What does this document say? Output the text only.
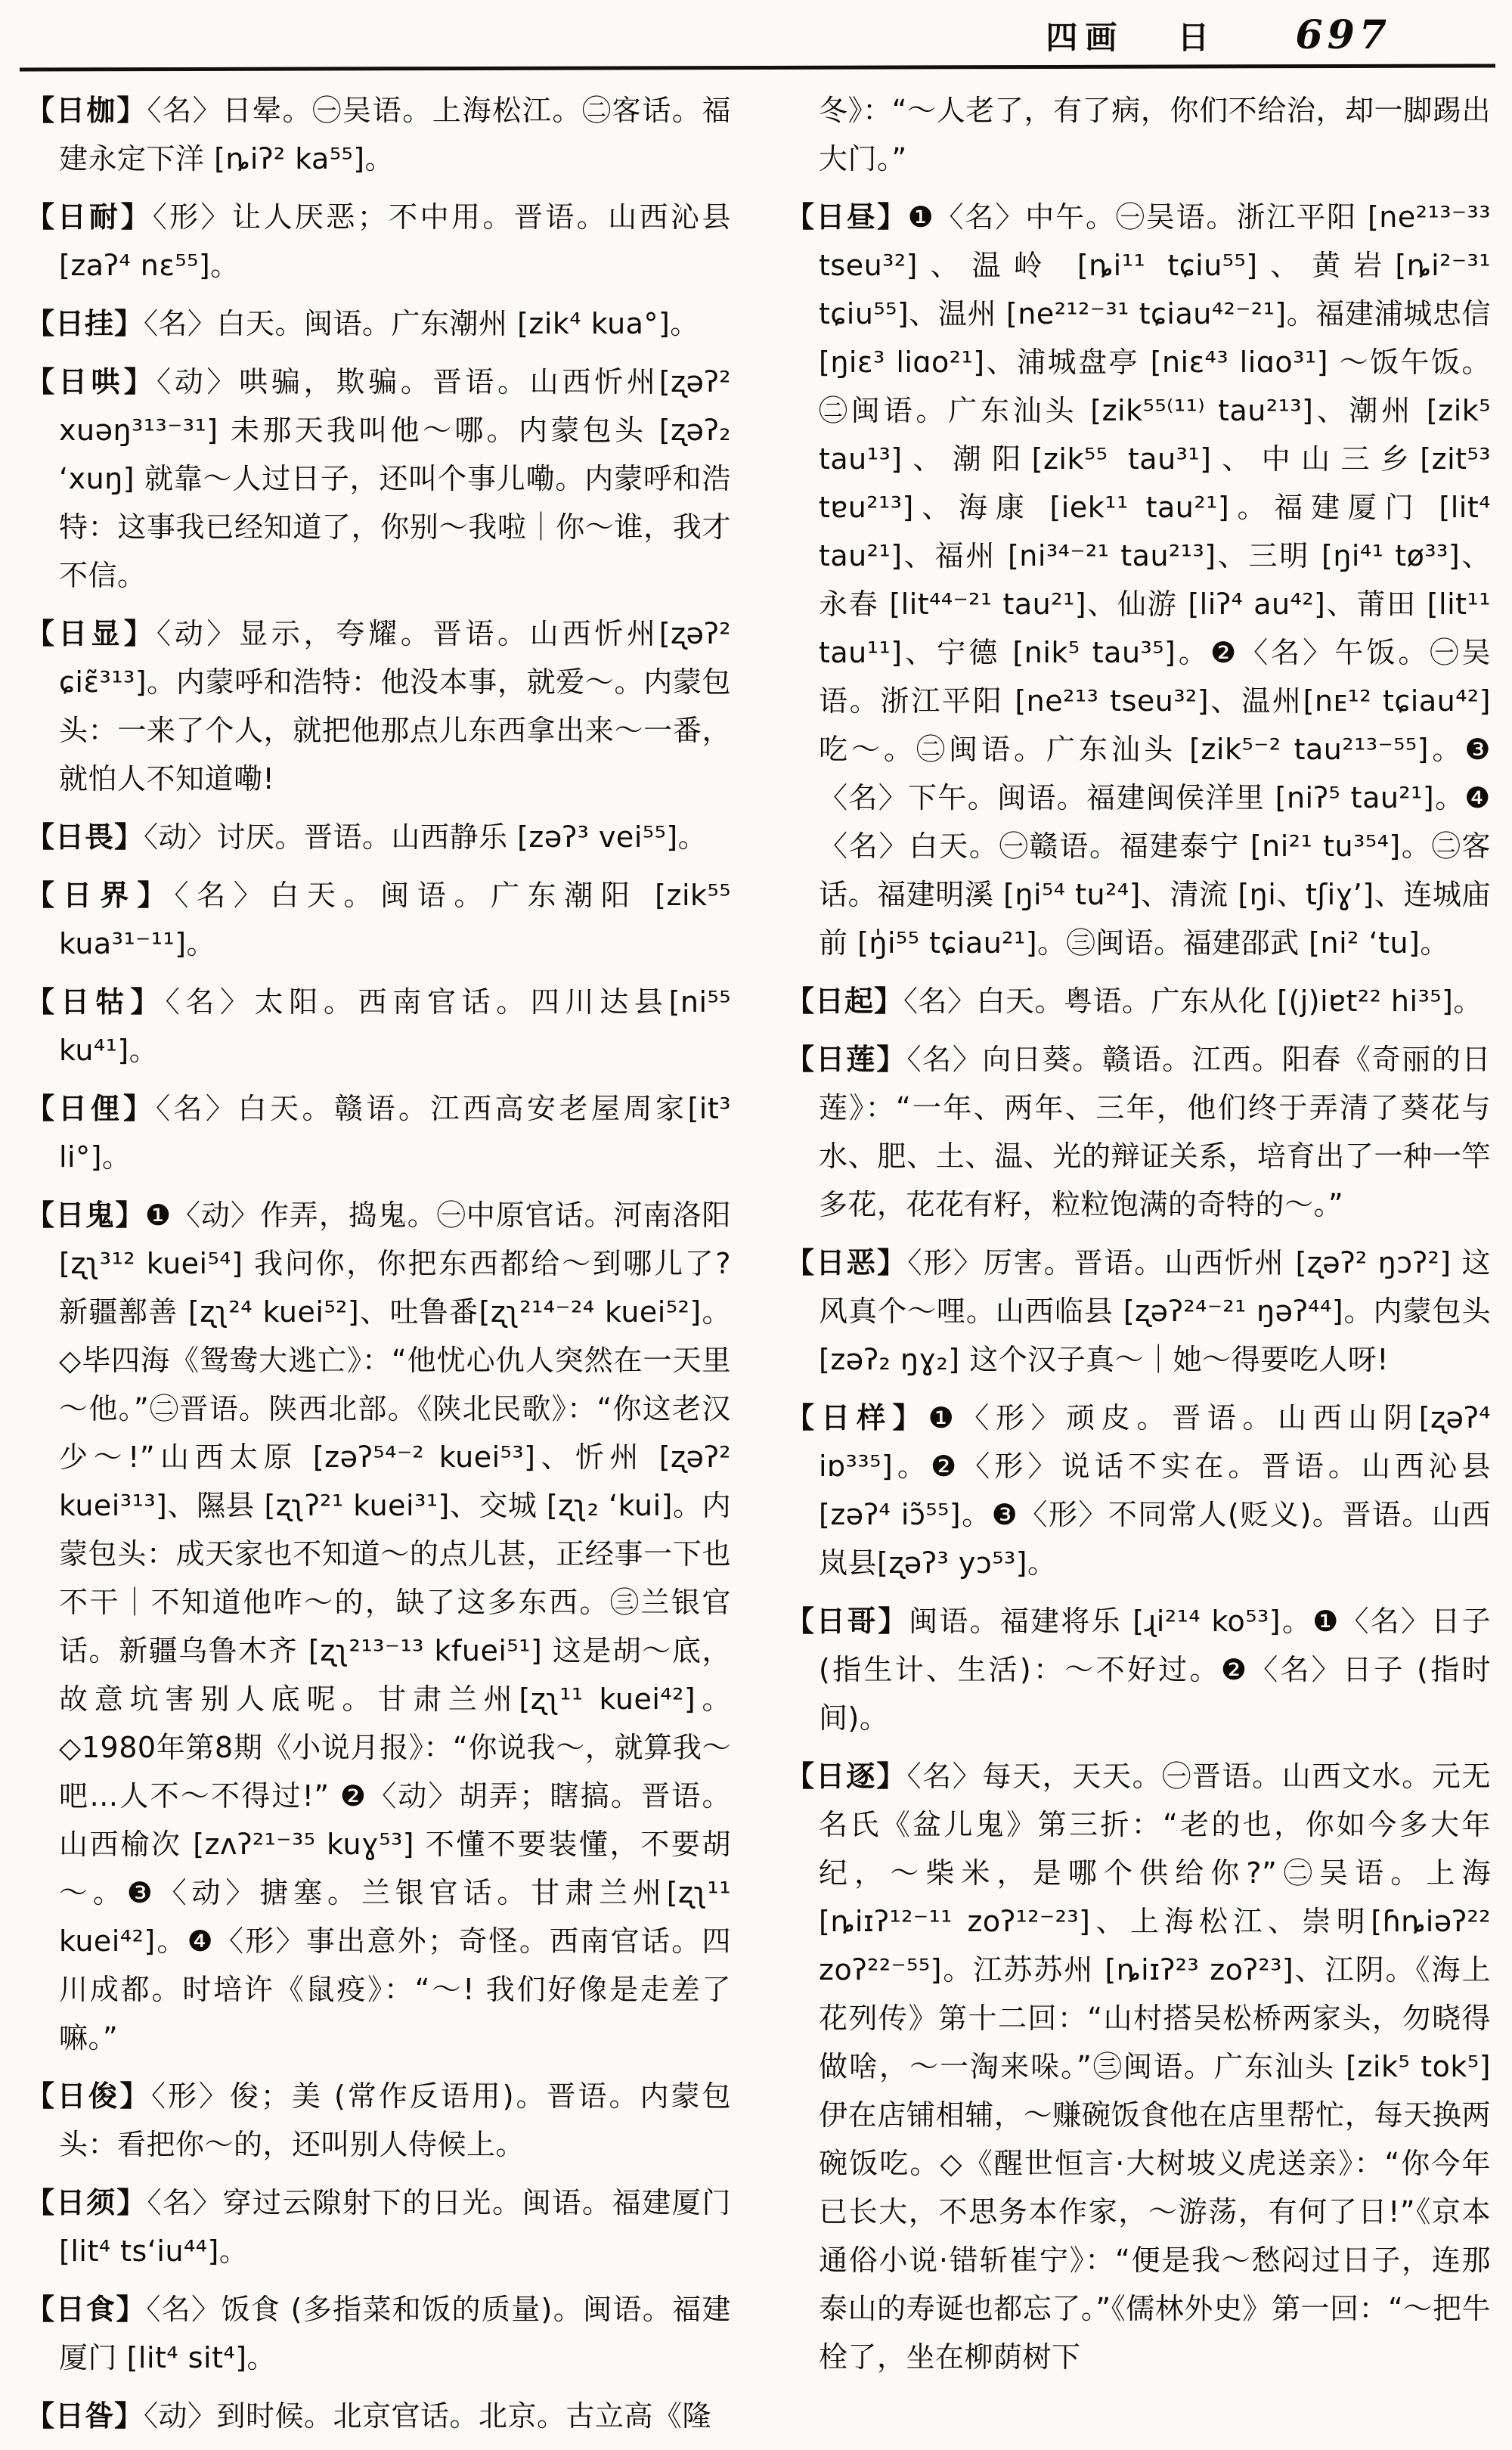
四画 日 697

【日枷】〈名〉日晕。㊀吴语。上海松江。㊁客话。福建永定下洋 [ȵiʔ² ka⁵⁵]。

【日耐】〈形〉让人厌恶；不中用。晋语。山西沁县 [zaʔ⁴ nɛ⁵⁵]。

【日挂】〈名〉白天。闽语。广东潮州 [zik⁴ kua°]。

【日哄】〈动〉哄骗，欺骗。晋语。山西忻州[ʐəʔ² xuəŋ³¹³⁻³¹] 未那天我叫他～哪。内蒙包头 [ʐəʔ₂ ʻxuŋ] 就靠～人过日子，还叫个事儿嘞。内蒙呼和浩特：这事我已经知道了，你别～我啦｜你～谁，我才不信。

【日显】〈动〉显示，夸耀。晋语。山西忻州[ʐəʔ² ɕiɛ̃³¹³]。内蒙呼和浩特：他没本事，就爱～。内蒙包头：一来了个人，就把他那点儿东西拿出来～一番，就怕人不知道嘞!

【日畏】〈动〉讨厌。晋语。山西静乐 [zəʔ³ vei⁵⁵]。

【日界】〈名〉白天。闽语。广东潮阳 [zik⁵⁵ kua³¹⁻¹¹]。

【日牯】〈名〉太阳。西南官话。四川达县[ni⁵⁵ ku⁴¹]。

【日俚】〈名〉白天。赣语。江西高安老屋周家[it³ li°]。

【日鬼】❶〈动〉作弄，捣鬼。㊀中原官话。河南洛阳 [ʐʅ³¹² kuei⁵⁴] 我问你，你把东西都给～到哪儿了? 新疆鄯善 [ʐʅ²⁴ kuei⁵²]、吐鲁番[ʐʅ²¹⁴⁻²⁴ kuei⁵²]。◇毕四海《鸳鸯大逃亡》：“他忧心仇人突然在一天里～他。”㊁晋语。陕西北部。《陕北民歌》：“你这老汉少～!”山西太原 [zəʔ⁵⁴⁻² kuei⁵³]、忻州 [ʐəʔ² kuei³¹³]、隰县 [ʐʅʔ²¹ kuei³¹]、交城 [ʐʅ₂ ʻkui]。内蒙包头：成天家也不知道～的点儿甚，正经事一下也不干｜不知道他咋～的，缺了这多东西。㊂兰银官话。新疆乌鲁木齐 [ʐʅ²¹³⁻¹³ kfuei⁵¹] 这是胡～底，故意坑害别人底呢。甘肃兰州[ʐʅ¹¹ kuei⁴²]。◇1980年第8期《小说月报》：“你说我～，就算我～吧…人不～不得过!” ❷〈动〉胡弄；瞎搞。晋语。山西榆次 [zʌʔ²¹⁻³⁵ kuɣ⁵³] 不懂不要装懂，不要胡～。❸〈动〉搪塞。兰银官话。甘肃兰州[ʐʅ¹¹ kuei⁴²]。❹〈形〉事出意外；奇怪。西南官话。四川成都。时培许《鼠疫》：“～! 我们好像是走差了嘛。”

【日俊】〈形〉俊；美 (常作反语用)。晋语。内蒙包头：看把你～的，还叫别人侍候上。

【日须】〈名〉穿过云隙射下的日光。闽语。福建厦门 [lit⁴ tsʻiu⁴⁴]。

【日食】〈名〉饭食 (多指菜和饭的质量)。闽语。福建厦门 [lit⁴ sit⁴]。

【日昝】〈动〉到时候。北京官话。北京。古立高《隆

冬》：“～人老了，有了病，你们不给治，却一脚踢出大门。”

【日昼】❶〈名〉中午。㊀吴语。浙江平阳 [ne²¹³⁻³³ tseu³²]、温岭 [ȵi¹¹ tɕiu⁵⁵]、黄岩[ȵi²⁻³¹ tɕiu⁵⁵]、温州 [ne²¹²⁻³¹ tɕiau⁴²⁻²¹]。福建浦城忠信 [ŋiɛ³ liɑo²¹]、浦城盘亭 [niɛ⁴³ liɑo³¹] ～饭午饭。㊁闽语。广东汕头 [zik⁵⁵⁽¹¹⁾ tau²¹³]、潮州 [zik⁵ tau¹³]、潮阳[zik⁵⁵ tau³¹]、中山三乡[zit⁵³ tɐu²¹³]、海康 [iek¹¹ tau²¹]。福建厦门 [lit⁴ tau²¹]、福州 [ni³⁴⁻²¹ tau²¹³]、三明 [ŋi⁴¹ tø³³]、永春 [lit⁴⁴⁻²¹ tau²¹]、仙游 [liʔ⁴ au⁴²]、莆田 [lit¹¹ tau¹¹]、宁德 [nik⁵ tau³⁵]。❷〈名〉午饭。㊀吴语。浙江平阳 [ne²¹³ tseu³²]、温州[nᴇ¹² tɕiau⁴²]吃～。㊁闽语。广东汕头 [zik⁵⁻² tau²¹³⁻⁵⁵]。❸〈名〉下午。闽语。福建闽侯洋里 [niʔ⁵ tau²¹]。❹〈名〉白天。㊀赣语。福建泰宁 [ni²¹ tu³⁵⁴]。㊁客话。福建明溪 [ŋi⁵⁴ tu²⁴]、清流 [ŋi、tʃiɣʼ]、连城庙前 [ŋ̍i⁵⁵ tɕiau²¹]。㊂闽语。福建邵武 [ni² ʻtu]。

【日起】〈名〉白天。粤语。广东从化 [(j)iɐt²² hi³⁵]。

【日莲】〈名〉向日葵。赣语。江西。阳春《奇丽的日莲》：“一年、两年、三年，他们终于弄清了葵花与水、肥、土、温、光的辩证关系，培育出了一种一竿多花，花花有籽，粒粒饱满的奇特的～。”

【日恶】〈形〉厉害。晋语。山西忻州 [ʐəʔ² ŋɔʔ²] 这风真个～哩。山西临县 [ʐəʔ²⁴⁻²¹ ŋəʔ⁴⁴]。内蒙包头 [zəʔ₂ ŋɣ₂] 这个汉子真～｜她～得要吃人呀!

【日样】❶〈形〉顽皮。晋语。山西山阴[ʐəʔ⁴ iɒ³³⁵]。❷〈形〉说话不实在。晋语。山西沁县 [zəʔ⁴ iɔ̃⁵⁵]。❸〈形〉不同常人(贬义)。晋语。山西岚县[ʐəʔ³ yɔ⁵³]。

【日哥】闽语。福建将乐 [ɻi²¹⁴ ko⁵³]。❶〈名〉日子 (指生计、生活)：～不好过。❷〈名〉日子 (指时间)。

【日逐】〈名〉每天，天天。㊀晋语。山西文水。元无名氏《盆儿鬼》第三折：“老的也，你如今多大年纪，～柴米，是哪个供给你?”㊁吴语。上海 [ȵiɪʔ¹²⁻¹¹ zoʔ¹²⁻²³]、上海松江、崇明[ɦȵiəʔ²² zoʔ²²⁻⁵⁵]。江苏苏州 [ȵiɪʔ²³ zoʔ²³]、江阴。《海上花列传》第十二回：“山村搭吴松桥两家头，勿晓得做啥，～一淘来哚。”㊂闽语。广东汕头 [zik⁵ tok⁵] 伊在店铺相辅，～赚碗饭食他在店里帮忙，每天换两碗饭吃。◇《醒世恒言·大树坡义虎送亲》：“你今年已长大，不思务本作家，～游荡，有何了日!”《京本通俗小说·错斩崔宁》：“便是我～愁闷过日子，连那泰山的寿诞也都忘了。”《儒林外史》第一回：“～把牛栓了，坐在柳荫树下
